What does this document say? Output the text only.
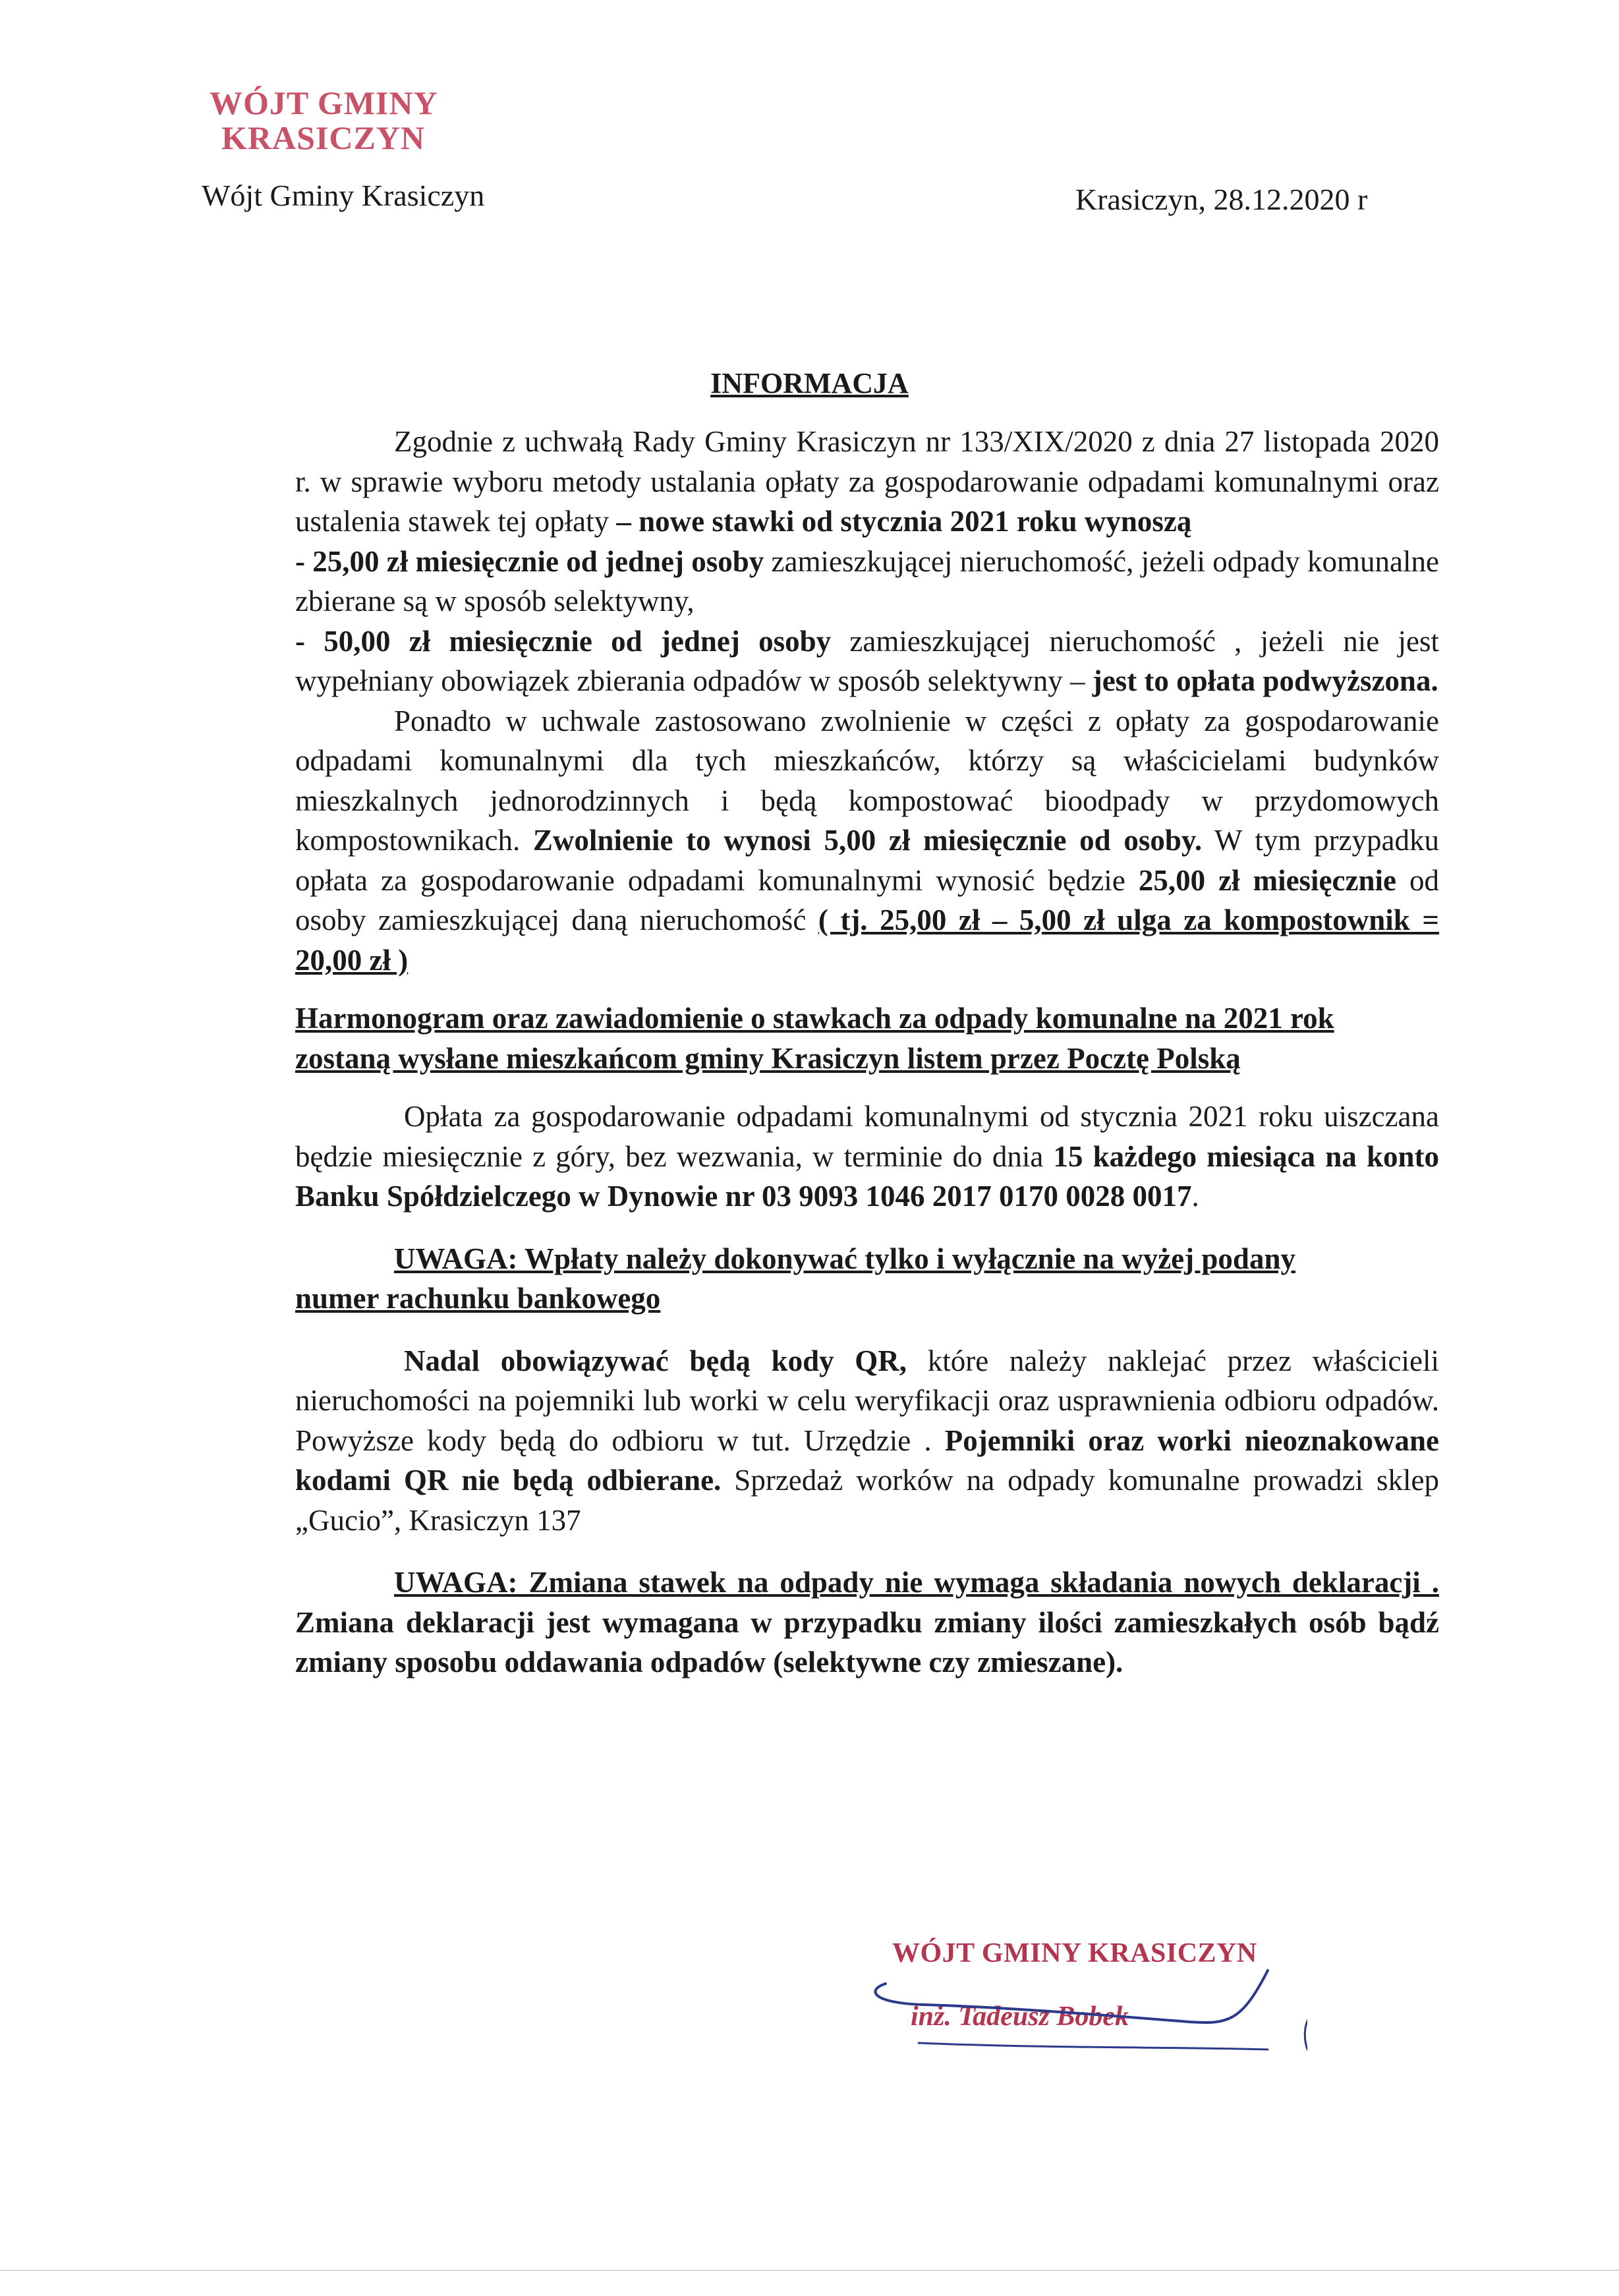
WÓJT GMINY
KRASICZYN
Wójt Gminy Krasiczyn	Krasiczyn, 28.12.2020 r
INFORMACJA

Zgodnie z uchwałą Rady Gminy Krasiczyn nr 133/XIX/2020 z dnia 27 listopada 2020 r. w sprawie wyboru metody ustalania opłaty za gospodarowanie odpadami komunalnymi oraz ustalenia stawek tej opłaty – nowe stawki od stycznia 2021 roku wynoszą

- 25,00 zł miesięcznie od jednej osoby zamieszkującej nieruchomość, jeżeli odpady komunalne zbierane są w sposób selektywny,

- 50,00 zł miesięcznie od jednej osoby zamieszkującej nieruchomość , jeżeli nie jest wypełniany obowiązek zbierania odpadów w sposób selektywny – jest to opłata podwyższona.

Ponadto w uchwale zastosowano zwolnienie w części z opłaty za gospodarowanie odpadami komunalnymi dla tych mieszkańców, którzy są właścicielami budynków mieszkalnych jednorodzinnych i będą kompostować bioodpady w przydomowych kompostownikach. Zwolnienie to wynosi 5,00 zł miesięcznie od osoby. W tym przypadku opłata za gospodarowanie odpadami komunalnymi wynosić będzie 25,00 zł miesięcznie od osoby zamieszkującej daną nieruchomość ( tj. 25,00 zł – 5,00 zł ulga za kompostownik = 20,00 zł )

Harmonogram oraz zawiadomienie o stawkach za odpady komunalne na 2021 rok
zostaną wysłane mieszkańcom gminy Krasiczyn listem przez Pocztę Polską

Opłata za gospodarowanie odpadami komunalnymi od stycznia 2021 roku uiszczana będzie miesięcznie z góry, bez wezwania, w terminie do dnia 15 każdego miesiąca na konto Banku Spółdzielczego w Dynowie nr 03 9093 1046 2017 0170 0028 0017.

UWAGA: Wpłaty należy dokonywać tylko i wyłącznie na wyżej podany
numer rachunku bankowego

Nadal obowiązywać będą kody QR, które należy naklejać przez właścicieli nieruchomości na pojemniki lub worki w celu weryfikacji oraz usprawnienia odbioru odpadów. Powyższe kody będą do odbioru w tut. Urzędzie . Pojemniki oraz worki nieoznakowane kodami QR nie będą odbierane. Sprzedaż worków na odpady komunalne prowadzi sklep „Gucio”, Krasiczyn 137

UWAGA: Zmiana stawek na odpady nie wymaga składania nowych deklaracji . Zmiana deklaracji jest wymagana w przypadku zmiany ilości zamieszkałych osób bądź zmiany sposobu oddawania odpadów (selektywne czy zmieszane).

WÓJT GMINY KRASICZYN
inż. Tadeusz Bobek
